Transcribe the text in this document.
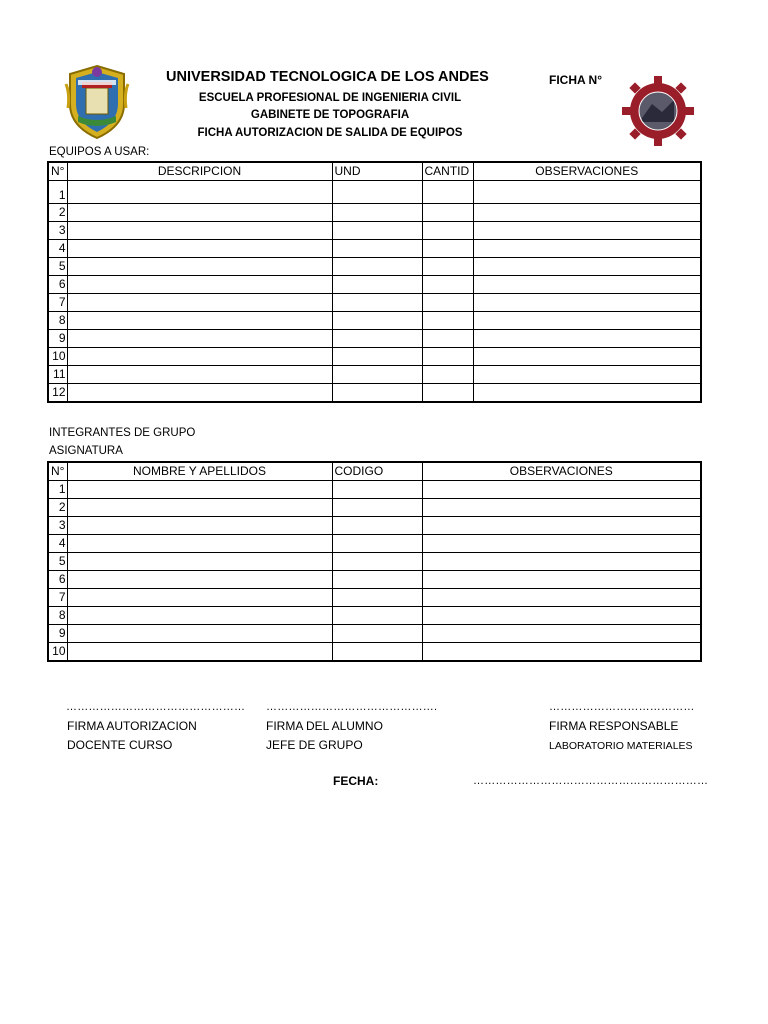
UNIVERSIDAD TECNOLOGICA DE LOS ANDES
ESCUELA PROFESIONAL DE INGENIERIA CIVIL
GABINETE DE TOPOGRAFIA
FICHA AUTORIZACION DE SALIDA DE EQUIPOS
FICHA N°
EQUIPOS A USAR:
N°	DESCRIPCION	UND	CANTID	OBSERVACIONES
1				
2				
3				
4				
5				
6				
7				
8				
9				
10				
11				
12				
INTEGRANTES DE GRUPO
ASIGNATURA
N°	NOMBRE Y APELLIDOS	CODIGO	OBSERVACIONES
1			
2			
3			
4			
5			
6			
7			
8			
9			
10			
…………………………………………
FIRMA AUTORIZACION
DOCENTE CURSO
……………………………………….
FIRMA DEL ALUMNO
JEFE DE GRUPO
…………………………………
FIRMA RESPONSABLE
LABORATORIO MATERIALES
FECHA:	………………………………………………………
